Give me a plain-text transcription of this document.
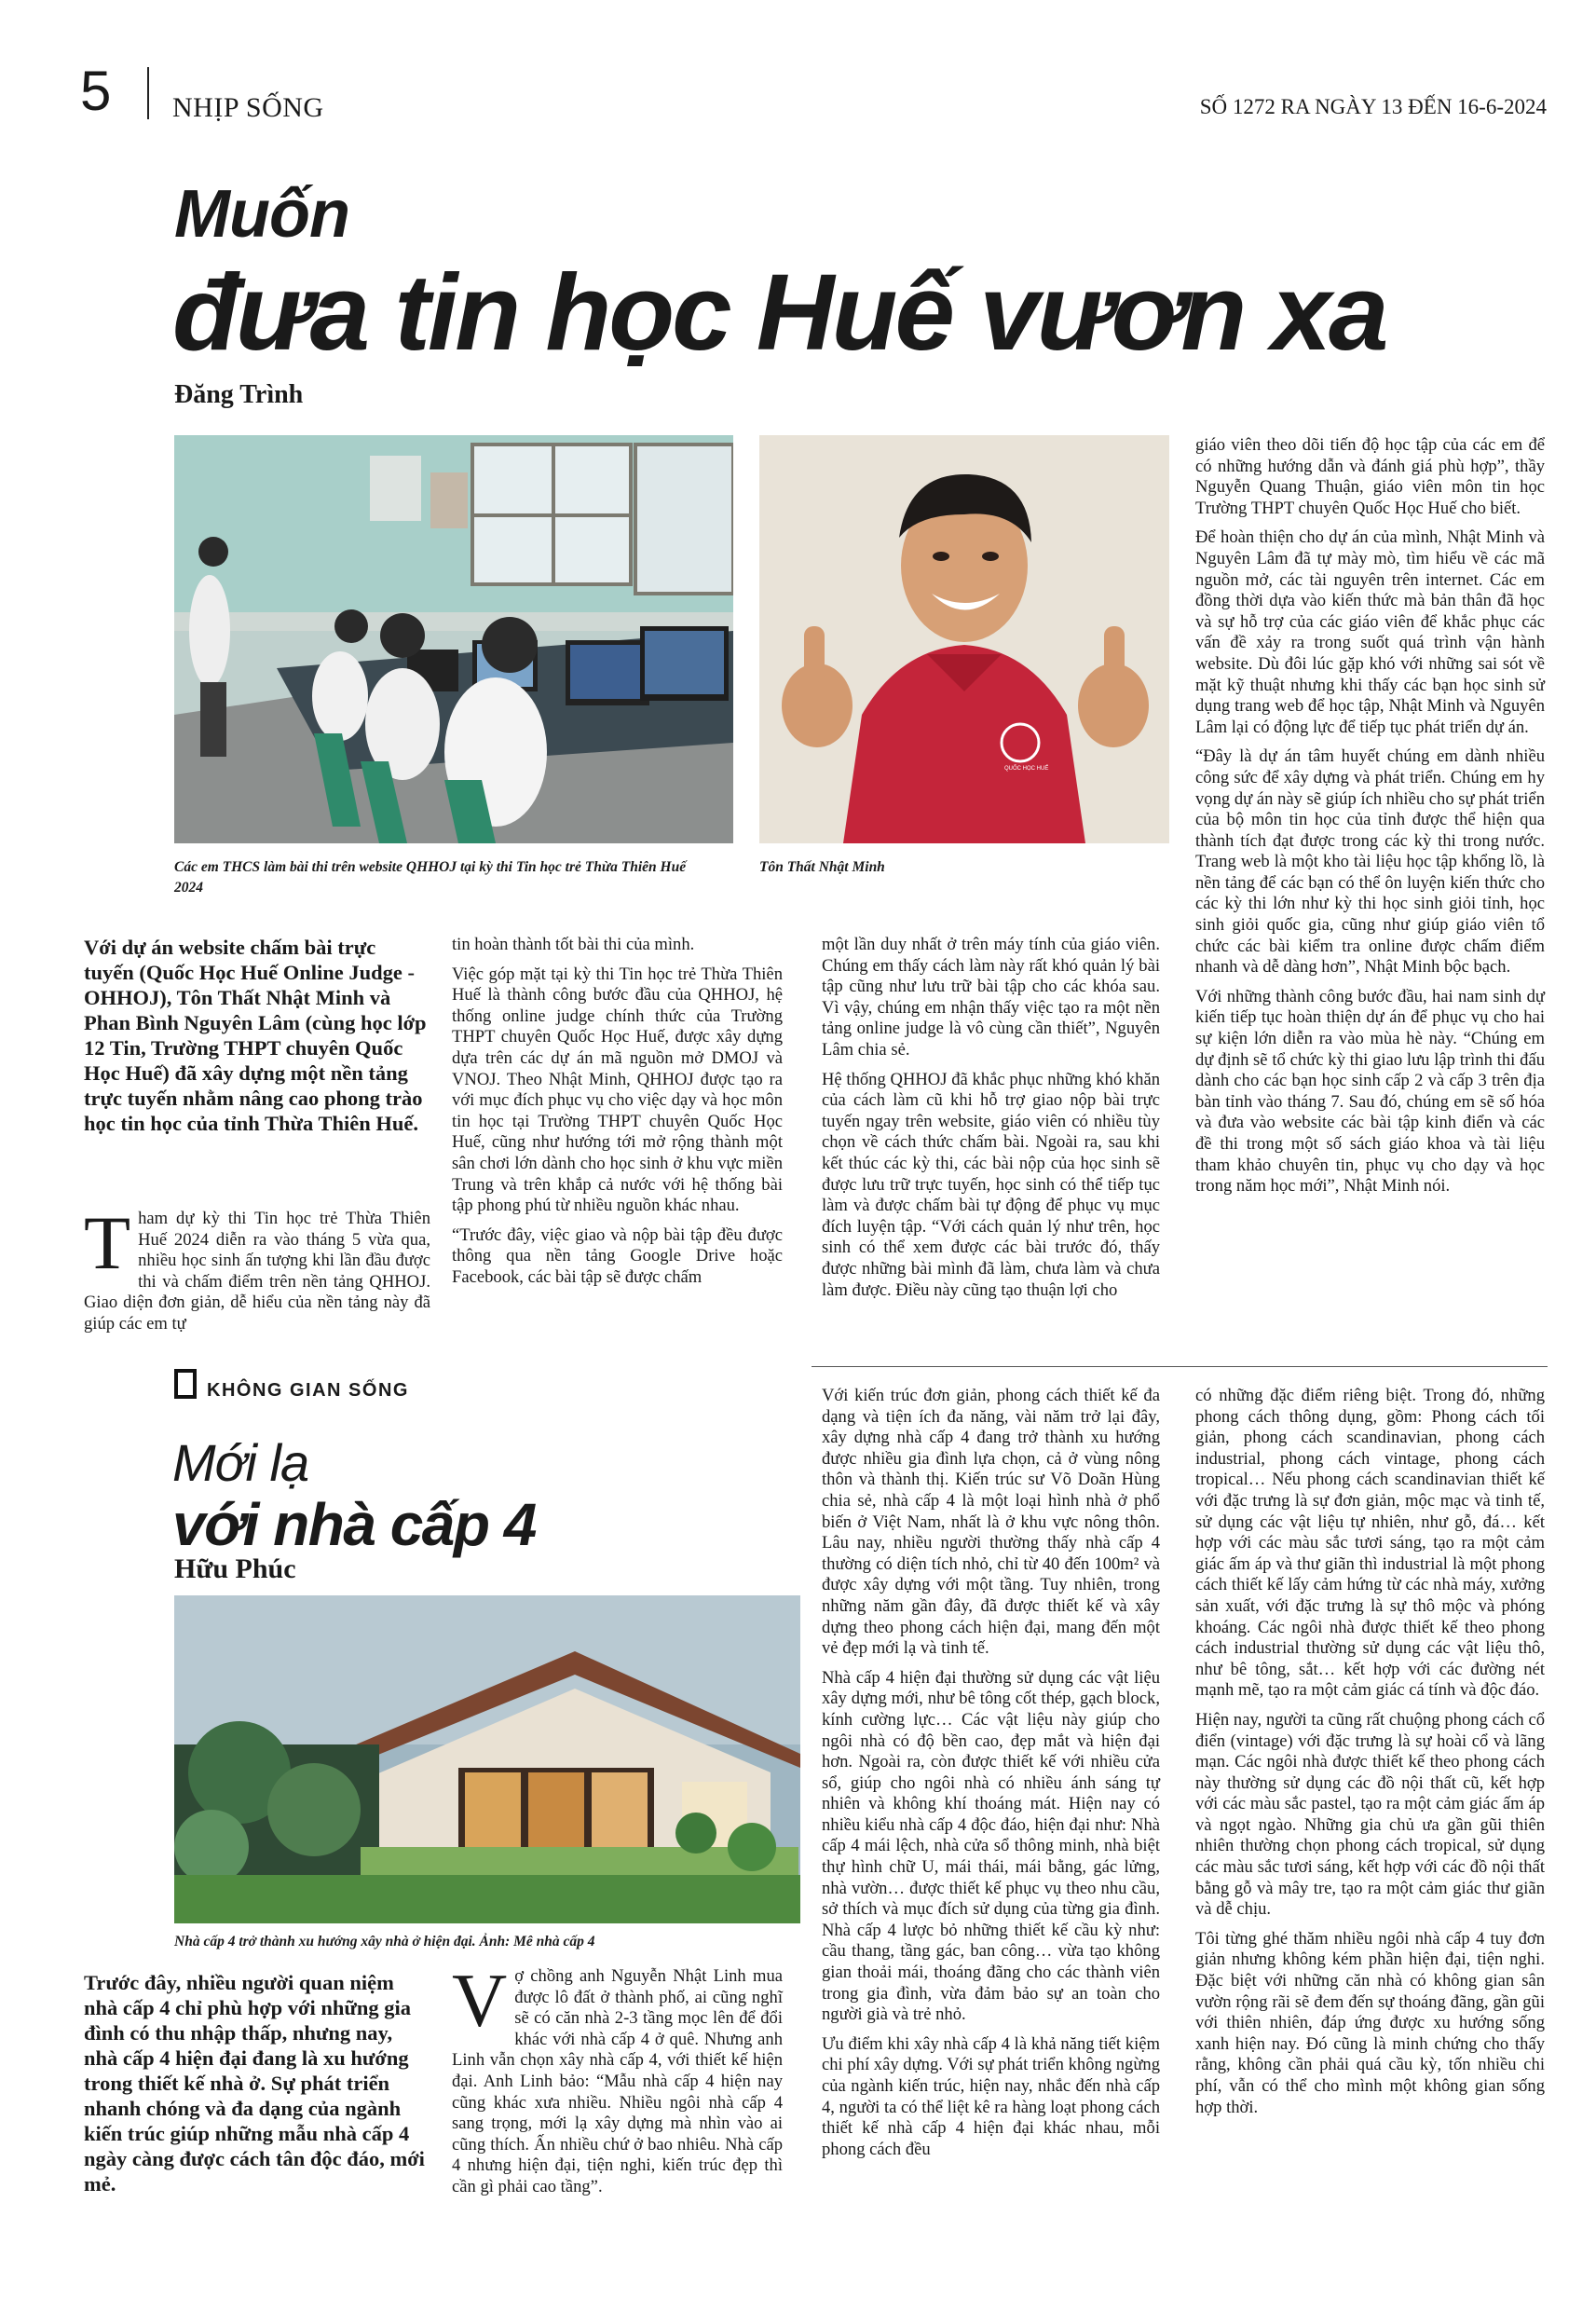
5 NHỊP SỐNG	SỐ 1272 RA NGÀY 13 ĐẾN 16-6-2024
Muốn
đưa tin học Huế vươn xa
Đăng Trình
Các em THCS làm bài thi trên website QHHOJ tại kỳ thi Tin học trẻ Thừa Thiên Huế 2024
QUỐC HỌC HUẾ
Tôn Thất Nhật Minh
Với dự án website chấm bài trực tuyến (Quốc Học Huế Online Judge - OHHOJ), Tôn Thất Nhật Minh và Phan Bình Nguyên Lâm (cùng học lớp 12 Tin, Trường THPT chuyên Quốc Học Huế) đã xây dựng một nền tảng trực tuyến nhằm nâng cao phong trào học tin học của tỉnh Thừa Thiên Huế.
Tham dự kỳ thi Tin học trẻ Thừa Thiên Huế 2024 diễn ra vào tháng 5 vừa qua, nhiều học sinh ấn tượng khi lần đầu được thi và chấm điểm trên nền tảng QHHOJ. Giao diện đơn giản, dễ hiểu của nền tảng này đã giúp các em tự

tin hoàn thành tốt bài thi của mình.

Việc góp mặt tại kỳ thi Tin học trẻ Thừa Thiên Huế là thành công bước đầu của QHHOJ, hệ thống online judge chính thức của Trường THPT chuyên Quốc Học Huế, được xây dựng dựa trên các dự án mã nguồn mở DMOJ và VNOJ. Theo Nhật Minh, QHHOJ được tạo ra với mục đích phục vụ cho việc dạy và học môn tin học tại Trường THPT chuyên Quốc Học Huế, cũng như hướng tới mở rộng thành một sân chơi lớn dành cho học sinh ở khu vực miền Trung và trên khắp cả nước với hệ thống bài tập phong phú từ nhiều nguồn khác nhau.

“Trước đây, việc giao và nộp bài tập đều được thông qua nền tảng Google Drive hoặc Facebook, các bài tập sẽ được chấm

một lần duy nhất ở trên máy tính của giáo viên. Chúng em thấy cách làm này rất khó quản lý bài tập cũng như lưu trữ bài tập cho các khóa sau. Vì vậy, chúng em nhận thấy việc tạo ra một nền tảng online judge là vô cùng cần thiết”, Nguyên Lâm chia sẻ.

Hệ thống QHHOJ đã khắc phục những khó khăn của cách làm cũ khi hỗ trợ giao nộp bài trực tuyến ngay trên website, giáo viên có nhiều tùy chọn về cách thức chấm bài. Ngoài ra, sau khi kết thúc các kỳ thi, các bài nộp của học sinh sẽ được lưu trữ trực tuyến, học sinh có thể tiếp tục làm và được chấm bài tự động để phục vụ mục đích luyện tập. “Với cách quản lý như trên, học sinh có thể xem được các bài trước đó, thấy được những bài mình đã làm, chưa làm và chưa làm được. Điều này cũng tạo thuận lợi cho

giáo viên theo dõi tiến độ học tập của các em để có những hướng dẫn và đánh giá phù hợp”, thầy Nguyễn Quang Thuận, giáo viên môn tin học Trường THPT chuyên Quốc Học Huế cho biết.

Để hoàn thiện cho dự án của mình, Nhật Minh và Nguyên Lâm đã tự mày mò, tìm hiểu về các mã nguồn mở, các tài nguyên trên internet. Các em đồng thời dựa vào kiến thức mà bản thân đã học và sự hỗ trợ của các giáo viên để khắc phục các vấn đề xảy ra trong suốt quá trình vận hành website. Dù đôi lúc gặp khó với những sai sót về mặt kỹ thuật nhưng khi thấy các bạn học sinh sử dụng trang web để học tập, Nhật Minh và Nguyên Lâm lại có động lực để tiếp tục phát triển dự án.

“Đây là dự án tâm huyết chúng em dành nhiều công sức để xây dựng và phát triển. Chúng em hy vọng dự án này sẽ giúp ích nhiều cho sự phát triển của bộ môn tin học của tỉnh được thể hiện qua thành tích đạt được trong các kỳ thi trong nước. Trang web là một kho tài liệu học tập khổng lồ, là nền tảng để các bạn có thể ôn luyện kiến thức cho các kỳ thi lớn như kỳ thi học sinh giỏi tỉnh, học sinh giỏi quốc gia, cũng như giúp giáo viên tổ chức các bài kiểm tra online được chấm điểm nhanh và dễ dàng hơn”, Nhật Minh bộc bạch.

Với những thành công bước đầu, hai nam sinh dự kiến tiếp tục hoàn thiện dự án để phục vụ cho hai sự kiện lớn diễn ra vào mùa hè này. “Chúng em dự định sẽ tổ chức kỳ thi giao lưu lập trình thi đấu dành cho các bạn học sinh cấp 2 và cấp 3 trên địa bàn tỉnh vào tháng 7. Sau đó, chúng em sẽ số hóa và đưa vào website các bài tập kinh điển và các đề thi trong một số sách giáo khoa và tài liệu tham khảo chuyên tin, phục vụ cho dạy và học trong năm học mới”, Nhật Minh nói.

KHÔNG GIAN SỐNG
Mới lạ
với nhà cấp 4
Hữu Phúc
Nhà cấp 4 trở thành xu hướng xây nhà ở hiện đại. Ảnh: Mê nhà cấp 4
Trước đây, nhiều người quan niệm nhà cấp 4 chỉ phù hợp với những gia đình có thu nhập thấp, nhưng nay, nhà cấp 4 hiện đại đang là xu hướng trong thiết kế nhà ở. Sự phát triển nhanh chóng và đa dạng của ngành kiến trúc giúp những mẫu nhà cấp 4 ngày càng được cách tân độc đáo, mới mẻ.
Vợ chồng anh Nguyễn Nhật Linh mua được lô đất ở thành phố, ai cũng nghĩ sẽ có căn nhà 2-3 tầng mọc lên để đổi khác với nhà cấp 4 ở quê. Nhưng anh Linh vẫn chọn xây nhà cấp 4, với thiết kế hiện đại. Anh Linh bảo: “Mẫu nhà cấp 4 hiện nay cũng khác xưa nhiều. Nhiều ngôi nhà cấp 4 sang trọng, mới lạ xây dựng mà nhìn vào ai cũng thích. Ấn nhiều chứ ở bao nhiêu. Nhà cấp 4 nhưng hiện đại, tiện nghi, kiến trúc đẹp thì cần gì phải cao tầng”.

Với kiến trúc đơn giản, phong cách thiết kế đa dạng và tiện ích đa năng, vài năm trở lại đây, xây dựng nhà cấp 4 đang trở thành xu hướng được nhiều gia đình lựa chọn, cả ở vùng nông thôn và thành thị. Kiến trúc sư Võ Doãn Hùng chia sẻ, nhà cấp 4 là một loại hình nhà ở phổ biến ở Việt Nam, nhất là ở khu vực nông thôn. Lâu nay, nhiều người thường thấy nhà cấp 4 thường có diện tích nhỏ, chỉ từ 40 đến 100m² và được xây dựng với một tầng. Tuy nhiên, trong những năm gần đây, đã được thiết kế và xây dựng theo phong cách hiện đại, mang đến một vẻ đẹp mới lạ và tinh tế.

Nhà cấp 4 hiện đại thường sử dụng các vật liệu xây dựng mới, như bê tông cốt thép, gạch block, kính cường lực… Các vật liệu này giúp cho ngôi nhà có độ bền cao, đẹp mắt và hiện đại hơn. Ngoài ra, còn được thiết kế với nhiều cửa sổ, giúp cho ngôi nhà có nhiều ánh sáng tự nhiên và không khí thoáng mát. Hiện nay có nhiều kiểu nhà cấp 4 độc đáo, hiện đại như: Nhà cấp 4 mái lệch, nhà cửa sổ thông minh, nhà biệt thự hình chữ U, mái thái, mái bằng, gác lửng, nhà vườn… được thiết kế phục vụ theo nhu cầu, sở thích và mục đích sử dụng của từng gia đình. Nhà cấp 4 lược bỏ những thiết kế cầu kỳ như: cầu thang, tầng gác, ban công… vừa tạo không gian thoải mái, thoáng đãng cho các thành viên trong gia đình, vừa đảm bảo sự an toàn cho người già và trẻ nhỏ.

Ưu điểm khi xây nhà cấp 4 là khả năng tiết kiệm chi phí xây dựng. Với sự phát triển không ngừng của ngành kiến trúc, hiện nay, nhắc đến nhà cấp 4, người ta có thể liệt kê ra hàng loạt phong cách thiết kế nhà cấp 4 hiện đại khác nhau, mỗi phong cách đều

có những đặc điểm riêng biệt. Trong đó, những phong cách thông dụng, gồm: Phong cách tối giản, phong cách scandinavian, phong cách industrial, phong cách vintage, phong cách tropical… Nếu phong cách scandinavian thiết kế với đặc trưng là sự đơn giản, mộc mạc và tinh tế, sử dụng các vật liệu tự nhiên, như gỗ, đá… kết hợp với các màu sắc tươi sáng, tạo ra một cảm giác ấm áp và thư giãn thì industrial là một phong cách thiết kế lấy cảm hứng từ các nhà máy, xưởng sản xuất, với đặc trưng là sự thô mộc và phóng khoáng. Các ngôi nhà được thiết kế theo phong cách industrial thường sử dụng các vật liệu thô, như bê tông, sắt… kết hợp với các đường nét mạnh mẽ, tạo ra một cảm giác cá tính và độc đáo.

Hiện nay, người ta cũng rất chuộng phong cách cổ điển (vintage) với đặc trưng là sự hoài cổ và lãng mạn. Các ngôi nhà được thiết kế theo phong cách này thường sử dụng các đồ nội thất cũ, kết hợp với các màu sắc pastel, tạo ra một cảm giác ấm áp và ngọt ngào. Những gia chủ ưa gần gũi thiên nhiên thường chọn phong cách tropical, sử dụng các màu sắc tươi sáng, kết hợp với các đồ nội thất bằng gỗ và mây tre, tạo ra một cảm giác thư giãn và dễ chịu.

Tôi từng ghé thăm nhiều ngôi nhà cấp 4 tuy đơn giản nhưng không kém phần hiện đại, tiện nghi. Đặc biệt với những căn nhà có không gian sân vườn rộng rãi sẽ đem đến sự thoáng đãng, gần gũi với thiên nhiên, đáp ứng được xu hướng sống xanh hiện nay. Đó cũng là minh chứng cho thấy rằng, không cần phải quá cầu kỳ, tốn nhiều chi phí, vẫn có thể cho mình một không gian sống hợp thời.
